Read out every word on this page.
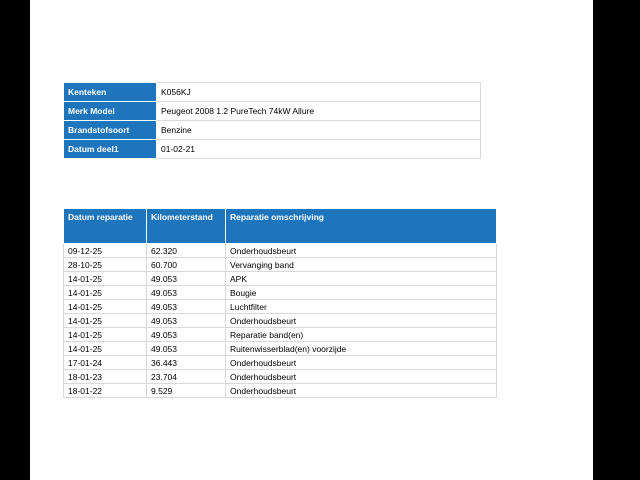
Kenteken	K056KJ
Merk Model	Peugeot 2008 1.2 PureTech 74kW Allure
Brandstofsoort	Benzine
Datum deel1	01-02-21
Datum reparatie	Kilometerstand	Reparatie omschrijving
09-12-25	62.320	Onderhoudsbeurt
28-10-25	60.700	Vervanging band
14-01-25	49.053	APK
14-01-25	49.053	Bougie
14-01-25	49.053	Luchtfilter
14-01-25	49.053	Onderhoudsbeurt
14-01-25	49.053	Reparatie band(en)
14-01-25	49.053	Ruitenwisserblad(en) voorzijde
17-01-24	36.443	Onderhoudsbeurt
18-01-23	23.704	Onderhoudsbeurt
18-01-22	9.529	Onderhoudsbeurt
